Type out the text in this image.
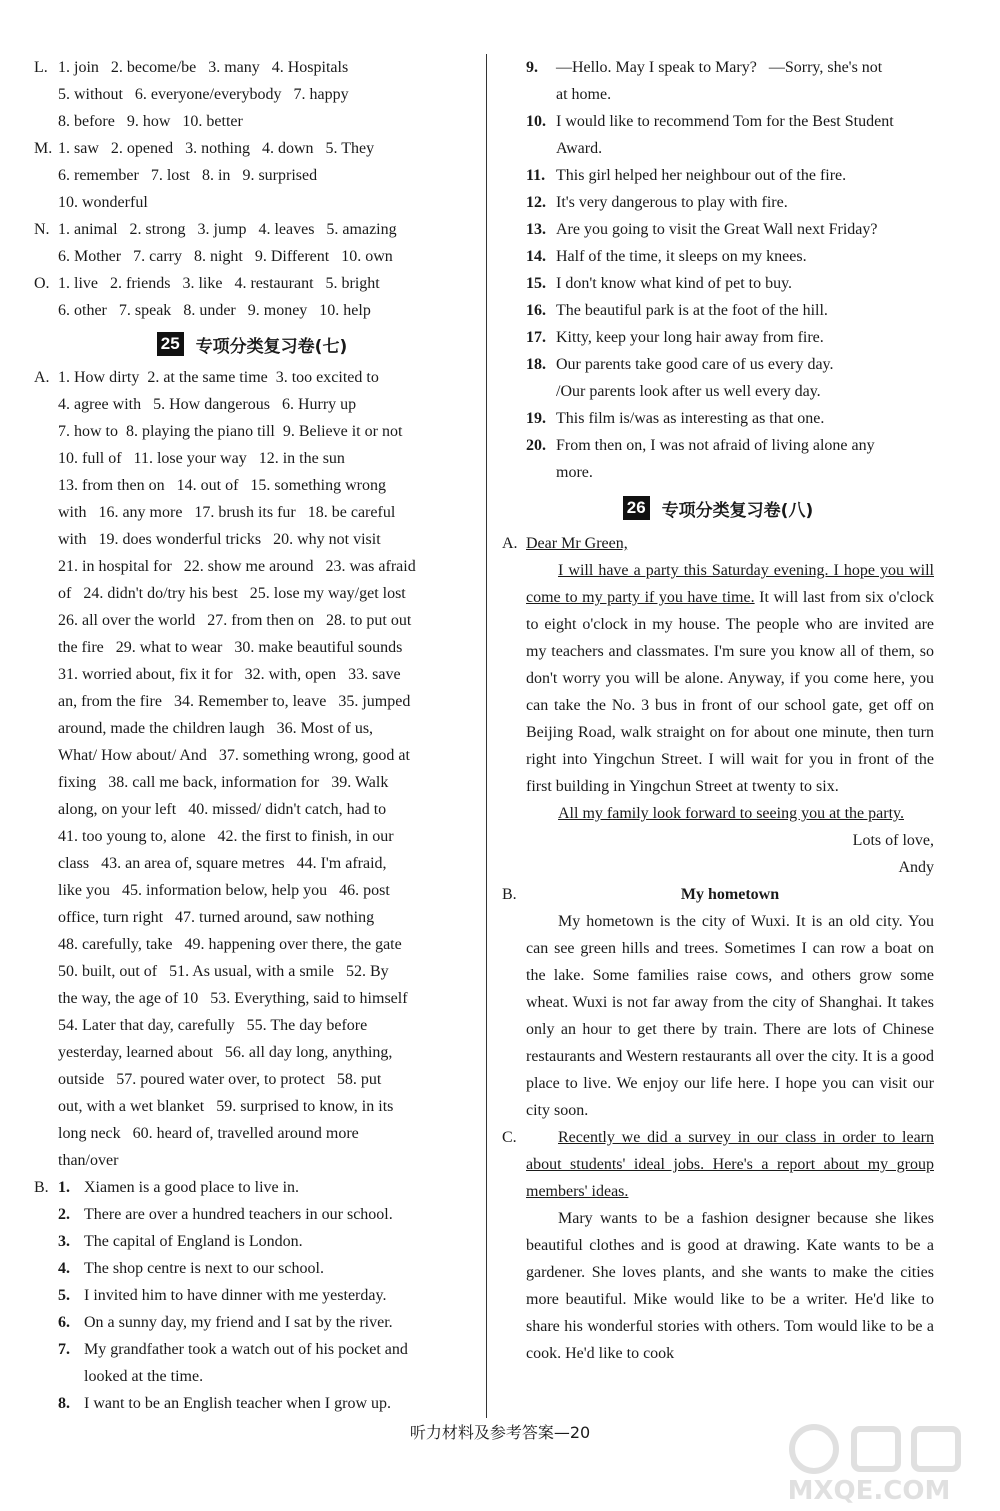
L. 1. join 2. become/be 3. many 4. Hospitals
5. without 6. everyone/everybody 7. happy
8. before 9. how 10. better
M. 1. saw 2. opened 3. nothing 4. down 5. They
6. remember 7. lost 8. in 9. surprised
10. wonderful
N. 1. animal 2. strong 3. jump 4. leaves 5. amazing
6. Mother 7. carry 8. night 9. Different 10. own
O. 1. live 2. friends 3. like 4. restaurant 5. bright
6. other 7. speak 8. under 9. money 10. help
25 专项分类复习卷(七)
A. 1. How dirty  2. at the same time  3. too excited to
4. agree with   5. How dangerous   6. Hurry up
7. how to  8. playing the piano till  9. Believe it or not
10. full of   11. lose your way   12. in the sun
13. from then on   14. out of   15. something wrong
with   16. any more   17. brush its fur   18. be careful
with   19. does wonderful tricks   20. why not visit
21. in hospital for   22. show me around   23. was afraid
of   24. didn't do/try his best   25. lose my way/get lost
26. all over the world   27. from then on   28. to put out
the fire   29. what to wear   30. make beautiful sounds
31. worried about, fix it for   32. with, open   33. save
an, from the fire   34. Remember to, leave   35. jumped
around, made the children laugh   36. Most of us,
What/ How about/ And   37. something wrong, good at
fixing   38. call me back, information for   39. Walk
along, on your left   40. missed/ didn't catch, had to
41. too young to, alone   42. the first to finish, in our
class   43. an area of, square metres   44. I'm afraid,
like you   45. information below, help you   46. post
office, turn right   47. turned around, saw nothing
48. carefully, take   49. happening over there, the gate
50. built, out of   51. As usual, with a smile   52. By
the way, the age of 10   53. Everything, said to himself
54. Later that day, carefully   55. The day before
yesterday, learned about   56. all day long, anything,
outside   57. poured water over, to protect   58. put
out, with a wet blanket   59. surprised to know, in its
long neck   60. heard of, travelled around more
than/over
B. 1. Xiamen is a good place to live in.
2. There are over a hundred teachers in our school.
3. The capital of England is London.
4. The shop centre is next to our school.
5. I invited him to have dinner with me yesterday.
6. On a sunny day, my friend and I sat by the river.
7. My grandfather took a watch out of his pocket and
looked at the time.
8. I want to be an English teacher when I grow up.
9.	—Hello. May I speak to Mary?   —Sorry, she's not
at home.
10. I would like to recommend Tom for the Best Student
Award.
11. This girl helped her neighbour out of the fire.
12. It's very dangerous to play with fire.
13. Are you going to visit the Great Wall next Friday?
14. Half of the time, it sleeps on my knees.
15. I don't know what kind of pet to buy.
16. The beautiful park is at the foot of the hill.
17. Kitty, keep your long hair away from fire.
18. Our parents take good care of us every day.
/Our parents look after us well every day.
19. This film is/was as interesting as that one.
20. From then on, I was not afraid of living alone any
more.
26 专项分类复习卷(八)
A. Dear Mr Green,

I will have a party this Saturday evening. I hope you will come to my party if you have time. It will last from six o'clock to eight o'clock in my house. The people who are invited are my teachers and classmates. I'm sure you know all of them, so don't worry you will be alone. Anyway, if you come here, you can take the No. 3 bus in front of our school gate, get off on Beijing Road, walk straight on for about one minute, then turn right into Yingchun Street. I will wait for you in front of the first building in Yingchun Street at twenty to six.

All my family look forward to seeing you at the party.

Lots of love,
Andy
B.	My hometown

My hometown is the city of Wuxi. It is an old city. You can see green hills and trees. Sometimes I can row a boat on the lake. Some families raise cows, and others grow some wheat. Wuxi is not far away from the city of Shanghai. It takes only an hour to get there by train. There are lots of Chinese restaurants and Western restaurants all over the city. It is a good place to live. We enjoy our life here. I hope you can visit our city soon.

C.	Recently we did a survey in our class in order to learn about students' ideal jobs. Here's a report about my group members' ideas.

Mary wants to be a fashion designer because she likes beautiful clothes and is good at drawing. Kate wants to be a gardener. She loves plants, and she wants to make the cities more beautiful. Mike would like to be a writer. He'd like to share his wonderful stories with others. Tom would like to be a cook. He'd like to cook

听力材料及参考答案—20
MXQE.COM
